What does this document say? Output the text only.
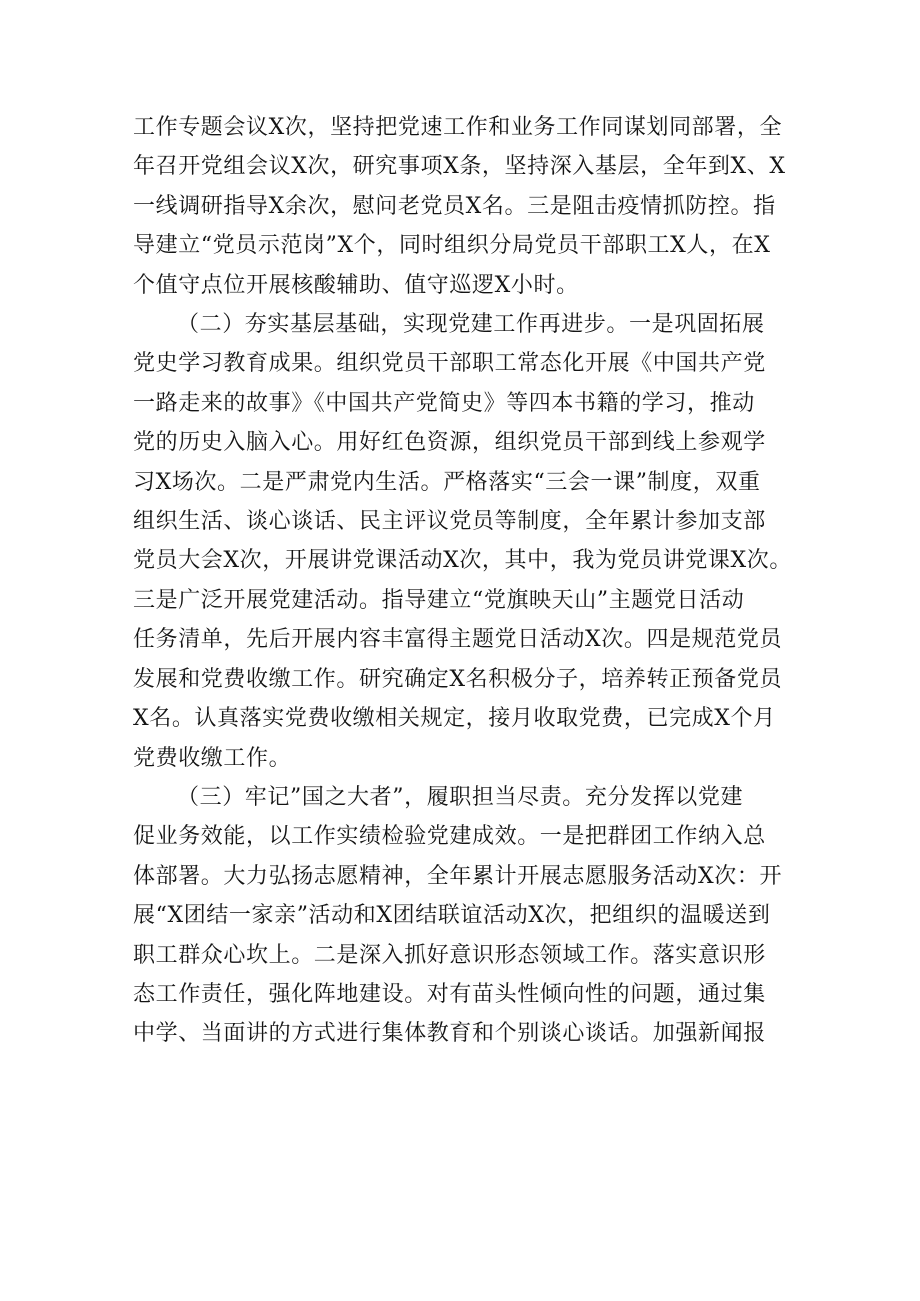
工作专题会议X次，坚持把党速工作和业务工作同谋划同部署，全
年召开党组会议X次，研究事项X条，坚持深入基层，全年到X、X
一线调研指导X余次，慰问老党员X名。三是阻击疫情抓防控。指
导建立“党员示范岗”X个，同时组织分局党员干部职工X人，在X
个值守点位开展核酸辅助、值守巡逻X小时。
（二）夯实基层基础，实现党建工作再进步。一是巩固拓展
党史学习教育成果。组织党员干部职工常态化开展《中国共产党
一路走来的故事》《中国共产党简史》等四本书籍的学习，推动
党的历史入脑入心。用好红色资源，组织党员干部到线上参观学
习X场次。二是严肃党内生活。严格落实“三会一课”制度，双重
组织生活、谈心谈话、民主评议党员等制度，全年累计参加支部
党员大会X次，开展讲党课活动X次，其中，我为党员讲党课X次。
三是广泛开展党建活动。指导建立“党旗映天山”主题党日活动
任务清单，先后开展内容丰富得主题党日活动X次。四是规范党员
发展和党费收缴工作。研究确定X名积极分子，培养转正预备党员
X名。认真落实党费收缴相关规定，接月收取党费，已完成X个月
党费收缴工作。
（三）牢记”国之大者”，履职担当尽责。充分发挥以党建
促业务效能，以工作实绩检验党建成效。一是把群团工作纳入总
体部署。大力弘扬志愿精神，全年累计开展志愿服务活动X次：开
展“X团结一家亲”活动和X团结联谊活动X次，把组织的温暖送到
职工群众心坎上。二是深入抓好意识形态领域工作。落实意识形
态工作责任，强化阵地建设。对有苗头性倾向性的问题，通过集
中学、当面讲的方式进行集体教育和个别谈心谈话。加强新闻报
